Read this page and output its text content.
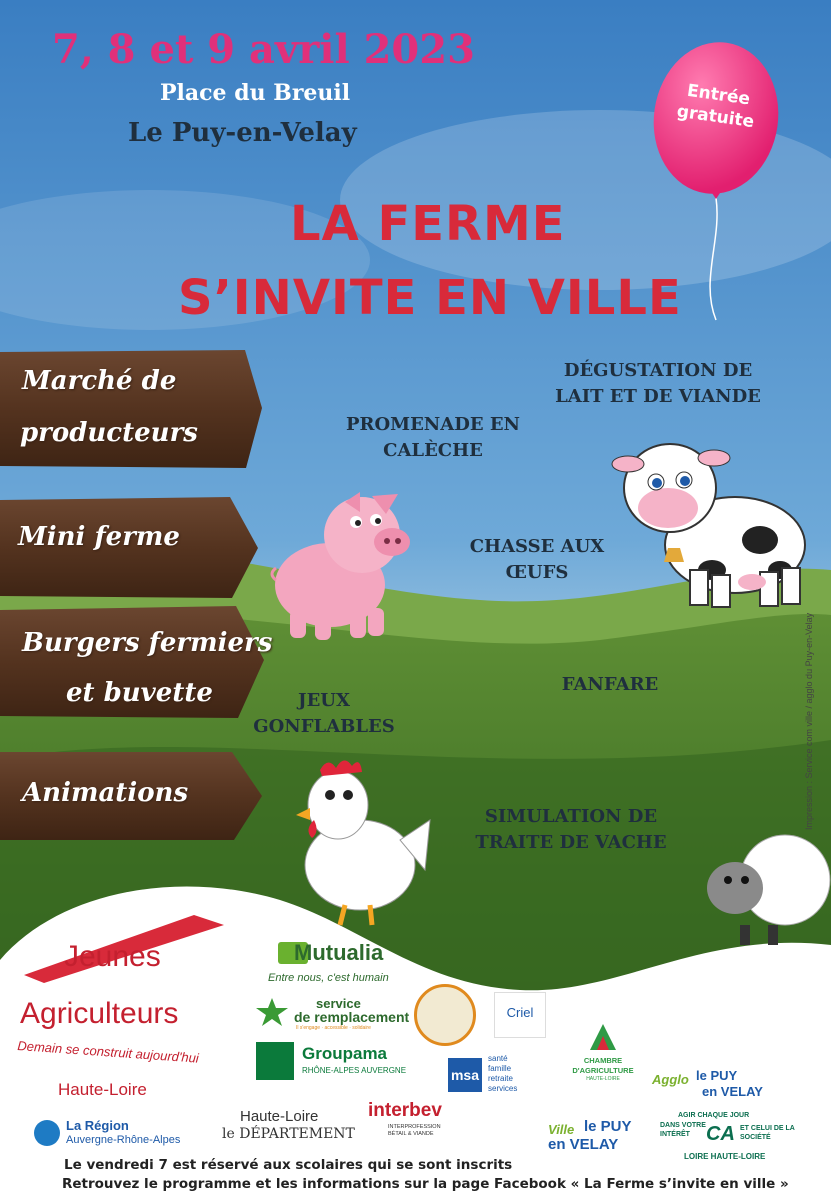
7, 8 et 9 avril 2023
Place du Breuil
Le Puy-en-Velay
LA FERME
S’INVITE EN VILLE
Entrée
gratuite
Marché de
producteurs
Mini ferme
Burgers fermiers
et buvette
Animations
DÉGUSTATION DE
LAIT ET DE VIANDE
PROMENADE EN
CALÈCHE
CHASSE AUX
ŒUFS
FANFARE
JEUX
GONFLABLES
SIMULATION DE
TRAITE DE VACHE
Impression : Service com ville / agglo du Puy-en-Velay
Jeunes
Agriculteurs
Demain se construit aujourd'hui
Haute-Loire
La Région
Auvergne-Rhône-Alpes
Mutualia
Entre nous, c'est humain
service
de remplacement
Il s'engage · accessible · solidaire
Groupama
RHÔNE-ALPES AUVERGNE
Criel
CHAMBRE
D'AGRICULTURE
HAUTE-LOIRE
msa
santé
famille
retraite
services
Agglo le PUY
en VELAY
Haute-Loire
le DÉPARTEMENT
interbev
INTERPROFESSION
BÉTAIL & VIANDE	Ville le PUY
en VELAY
AGIR CHAQUE JOUR
DANS VOTRE
INTÉRÊT CA ET CELUI DE LA
SOCIÉTÉ
LOIRE HAUTE-LOIRE
Le vendredi 7 est réservé aux scolaires qui se sont inscrits
Retrouvez le programme et les informations sur la page Facebook « La Ferme s’invite en ville »
